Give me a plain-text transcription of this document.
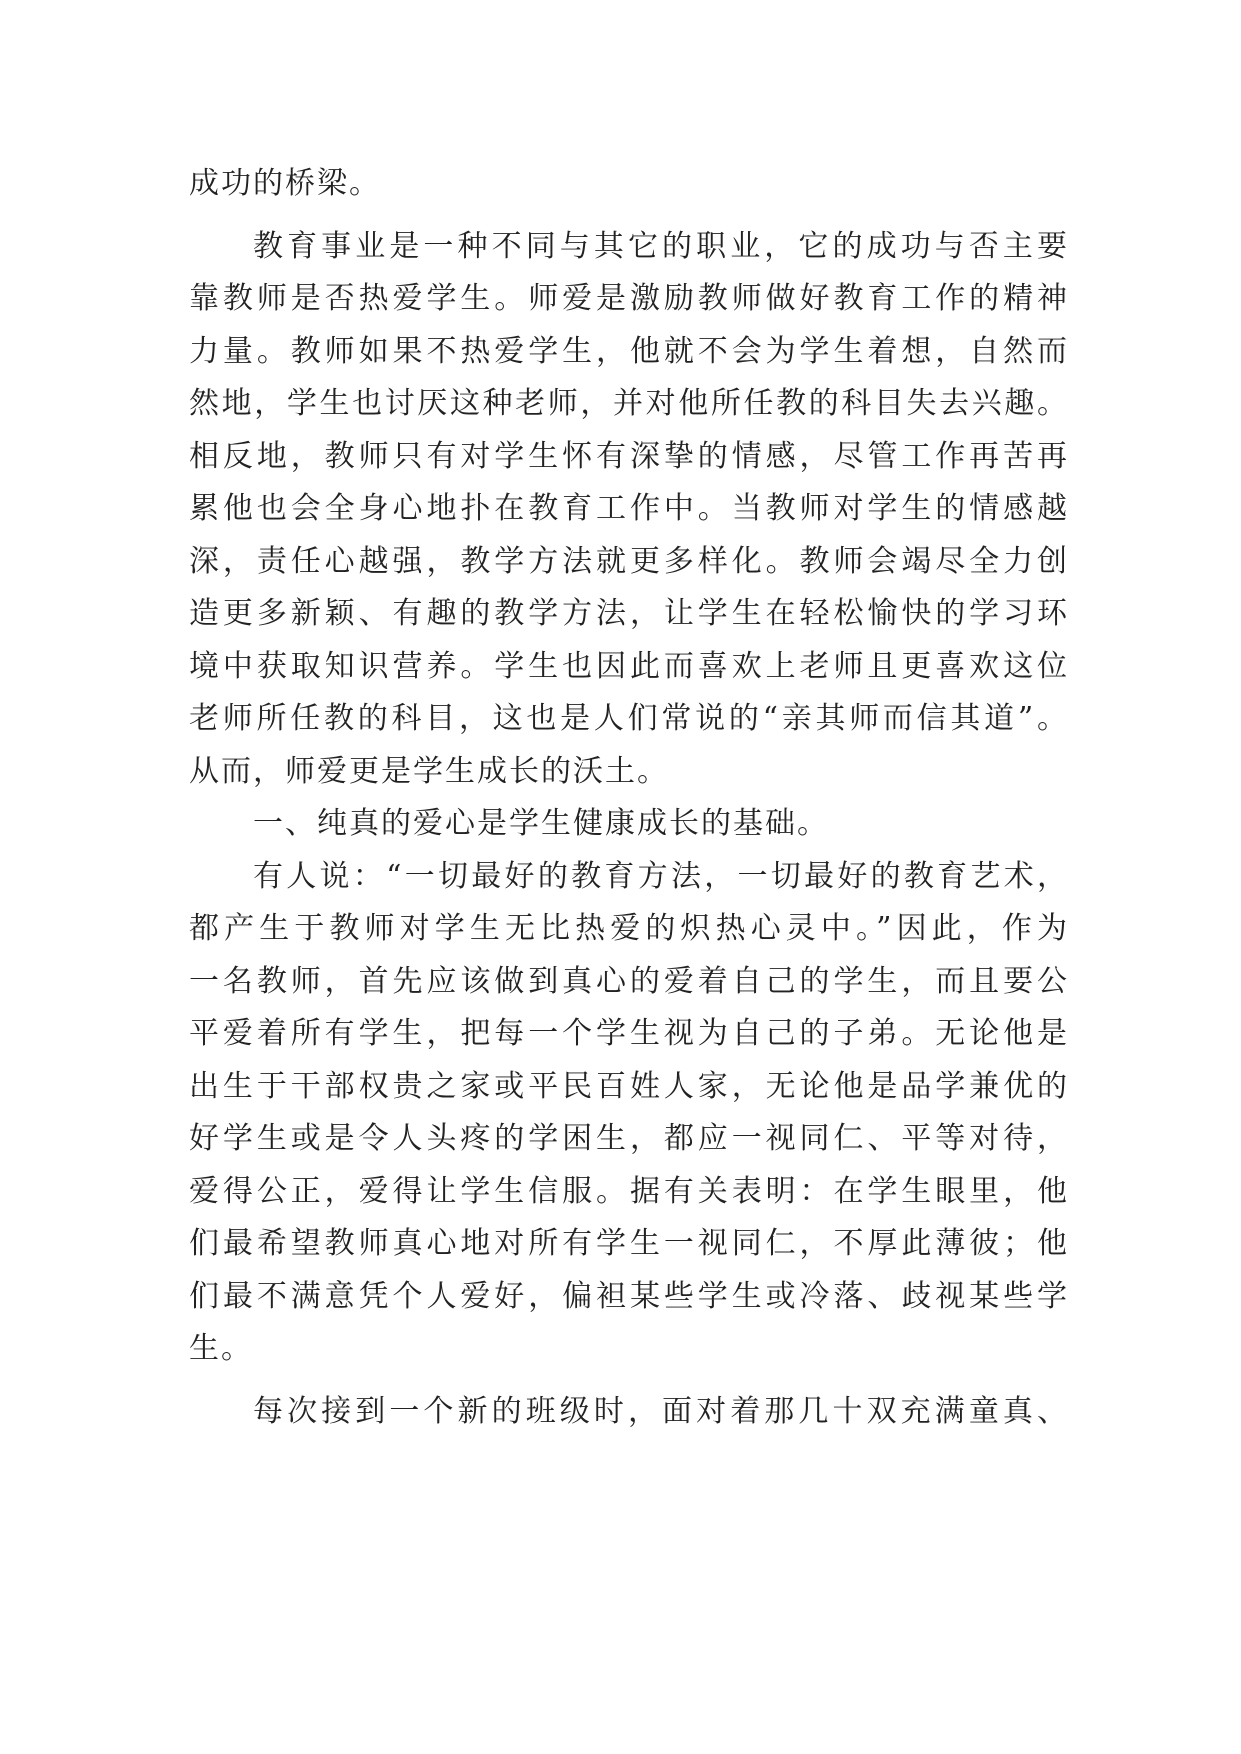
成功的桥梁。
教育事业是一种不同与其它的职业，它的成功与否主要
靠教师是否热爱学生。师爱是激励教师做好教育工作的精神
力量。教师如果不热爱学生，他就不会为学生着想，自然而
然地，学生也讨厌这种老师，并对他所任教的科目失去兴趣。
相反地，教师只有对学生怀有深挚的情感，尽管工作再苦再
累他也会全身心地扑在教育工作中。当教师对学生的情感越
深，责任心越强，教学方法就更多样化。教师会竭尽全力创
造更多新颖、有趣的教学方法，让学生在轻松愉快的学习环
境中获取知识营养。学生也因此而喜欢上老师且更喜欢这位
老师所任教的科目，这也是人们常说的“亲其师而信其道”。
从而，师爱更是学生成长的沃土。
一、纯真的爱心是学生健康成长的基础。
有人说：“一切最好的教育方法，一切最好的教育艺术，
都产生于教师对学生无比热爱的炽热心灵中。”因此，作为
一名教师，首先应该做到真心的爱着自己的学生，而且要公
平爱着所有学生，把每一个学生视为自己的子弟。无论他是
出生于干部权贵之家或平民百姓人家，无论他是品学兼优的
好学生或是令人头疼的学困生，都应一视同仁、平等对待，
爱得公正，爱得让学生信服。据有关表明：在学生眼里，他
们最希望教师真心地对所有学生一视同仁，不厚此薄彼；他
们最不满意凭个人爱好，偏袒某些学生或冷落、歧视某些学
生。
每次接到一个新的班级时，面对着那几十双充满童真、
